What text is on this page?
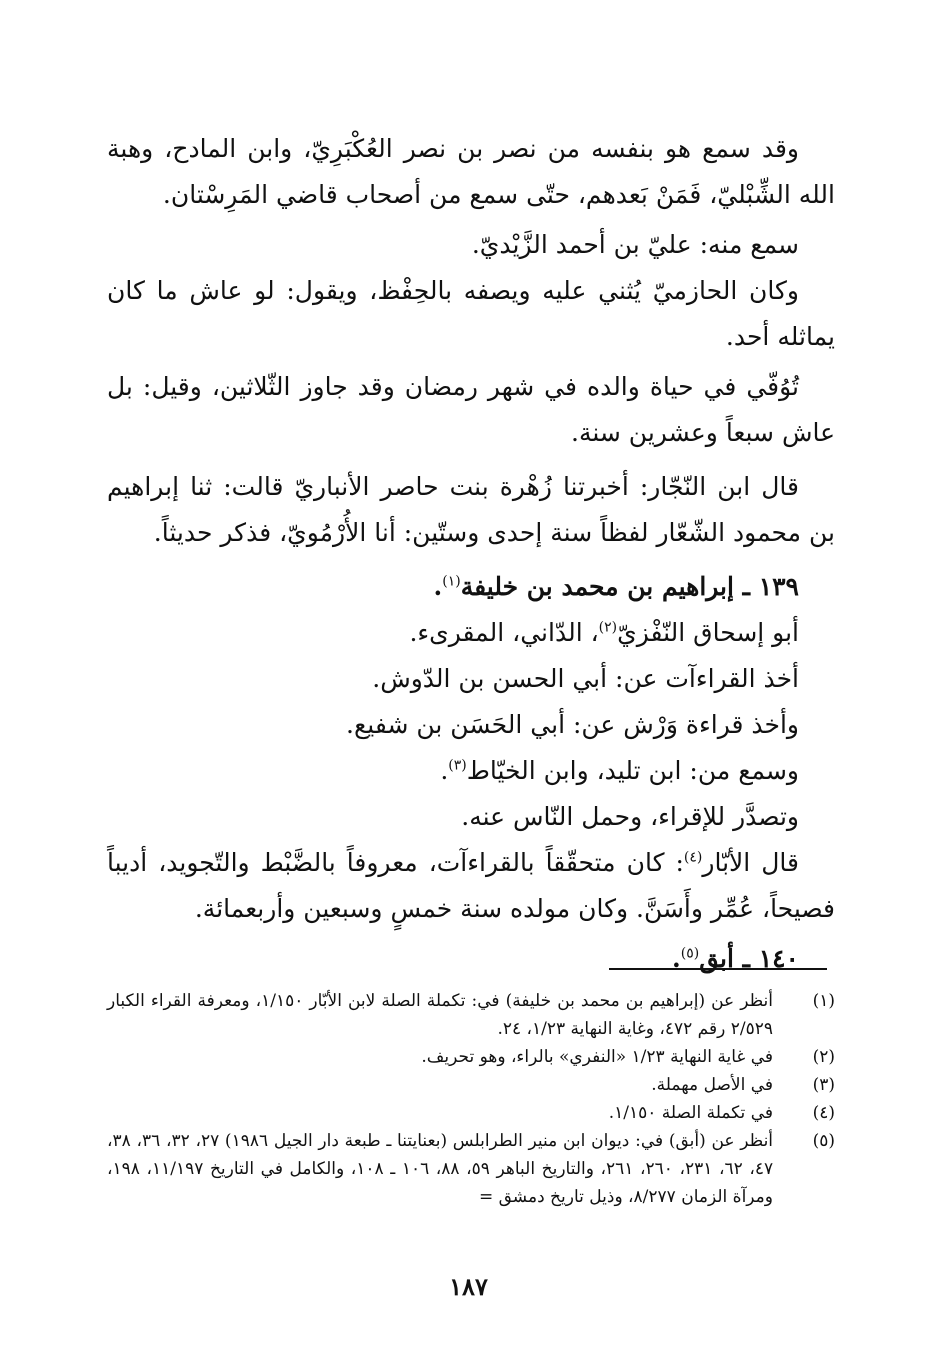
وقد سمع هو بنفسه من نصر بن نصر العُكْبَرِيّ، وابن المادح، وهبة الله الشِّبْليّ، فَمَنْ بَعدهم، حتّى سمع من أصحاب قاضي المَرِسْتان.

سمع منه: عليّ بن أحمد الزَّيْديّ.

وكان الحازميّ يُثني عليه ويصفه بالحِفْظ، ويقول: لو عاش ما كان يماثله أحد.

تُوُفّي في حياة والده في شهر رمضان وقد جاوز الثّلاثين، وقيل: بل عاش سبعاً وعشرين سنة.

قال ابن النّجّار: أخبرتنا زُهْرة بنت حاصر الأنباريّ قالت: ثنا إبراهيم بن محمود الشّعّار لفظاً سنة إحدى وستّين: أنا الأُرْمُويّ، فذكر حديثاً.

١٣٩ ـ إبراهيم بن محمد بن خليفة$^{(١)}$.

أبو إسحاق النّفْزيّ$^{(٢)}$، الدّاني، المقرىء.

أخذ القراءآت عن: أبي الحسن بن الدّوش.

وأخذ قراءة وَرْش عن: أبي الحَسَن بن شفيع.

وسمع من: ابن تليد، وابن الخيّاط$^{(٣)}$.

وتصدَّر للإقراء، وحمل النّاس عنه.

قال الأبّار$^{(٤)}$: كان متحقّقاً بالقراءآت، معروفاً بالضَّبْط والتّجويد، أديباً فصيحاً، عُمِّر وأَسَنَّ. وكان مولده سنة خمسٍ وسبعين وأربعمائة.

١٤٠ ـ أبق$^{(٥)}$.

(١)
أنظر عن (إبراهيم بن محمد بن خليفة) في: تكملة الصلة لابن الأبّار ١/١٥٠، ومعرفة القراء الكبار ٢/٥٢٩ رقم ٤٧٢، وغاية النهاية ١/٢٣، ٢٤.
(٢)
في غاية النهاية ١/٢٣ «النفري» بالراء، وهو تحريف.
(٣)
في الأصل مهملة.
(٤)
في تكملة الصلة ١/١٥٠.
(٥)
أنظر عن (أبق) في: ديوان ابن منير الطرابلس (بعنايتنا ـ طبعة دار الجيل ١٩٨٦) ٢٧، ٣٢، ٣٦، ٣٨، ٤٧، ٦٢، ٢٣١، ٢٦٠، ٢٦١، والتاريخ الباهر ٥٩، ٨٨، ١٠٦ ـ ١٠٨، والكامل في التاريخ ١١/١٩٧، ١٩٨، ومرآة الزمان ٨/٢٧٧، وذيل تاريخ دمشق =
١٨٧
